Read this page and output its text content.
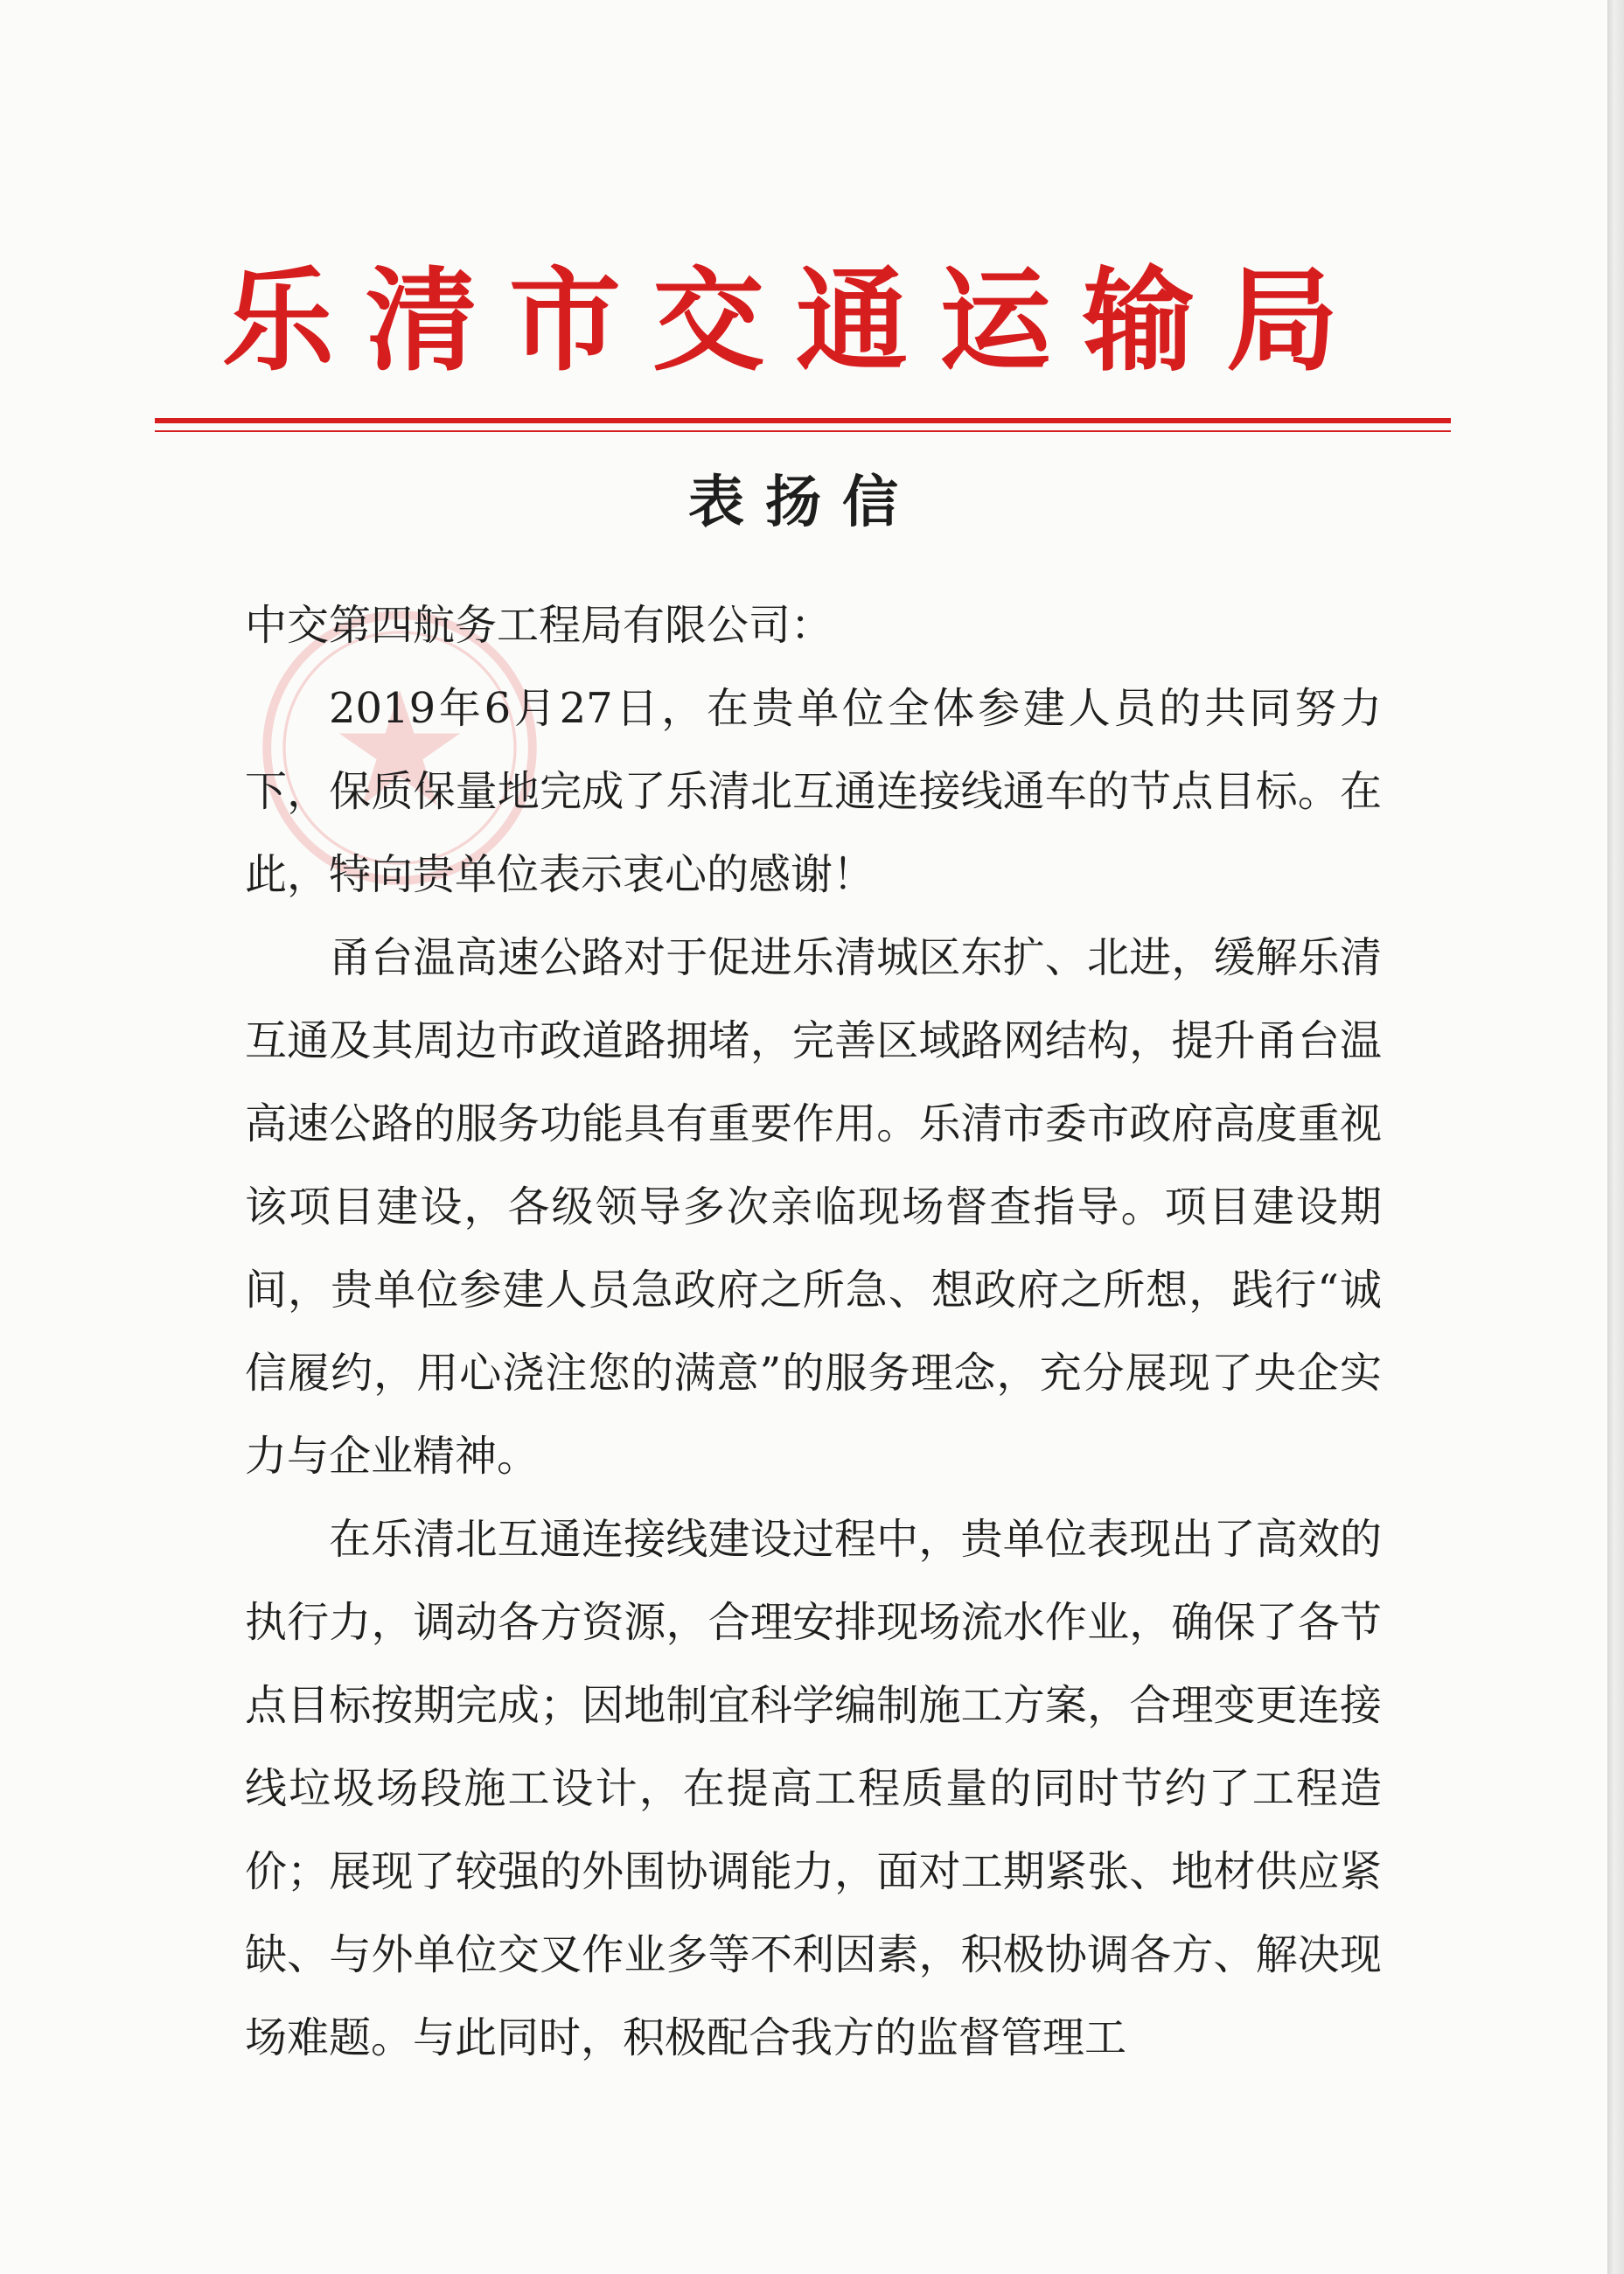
乐清市交通运输局
表扬信

中交第四航务工程局有限公司：

2019年6月27日，在贵单位全体参建人员的共同努力下，保质保量地完成了乐清北互通连接线通车的节点目标。在此，特向贵单位表示衷心的感谢！

甬台温高速公路对于促进乐清城区东扩、北进，缓解乐清互通及其周边市政道路拥堵，完善区域路网结构，提升甬台温高速公路的服务功能具有重要作用。乐清市委市政府高度重视该项目建设，各级领导多次亲临现场督查指导。项目建设期间，贵单位参建人员急政府之所急、想政府之所想，践行“诚信履约，用心浇注您的满意”的服务理念，充分展现了央企实力与企业精神。

在乐清北互通连接线建设过程中，贵单位表现出了高效的执行力，调动各方资源，合理安排现场流水作业，确保了各节点目标按期完成；因地制宜科学编制施工方案，合理变更连接线垃圾场段施工设计，在提高工程质量的同时节约了工程造价；展现了较强的外围协调能力，面对工期紧张、地材供应紧缺、与外单位交叉作业多等不利因素，积极协调各方、解决现场难题。与此同时，积极配合我方的监督管理工
